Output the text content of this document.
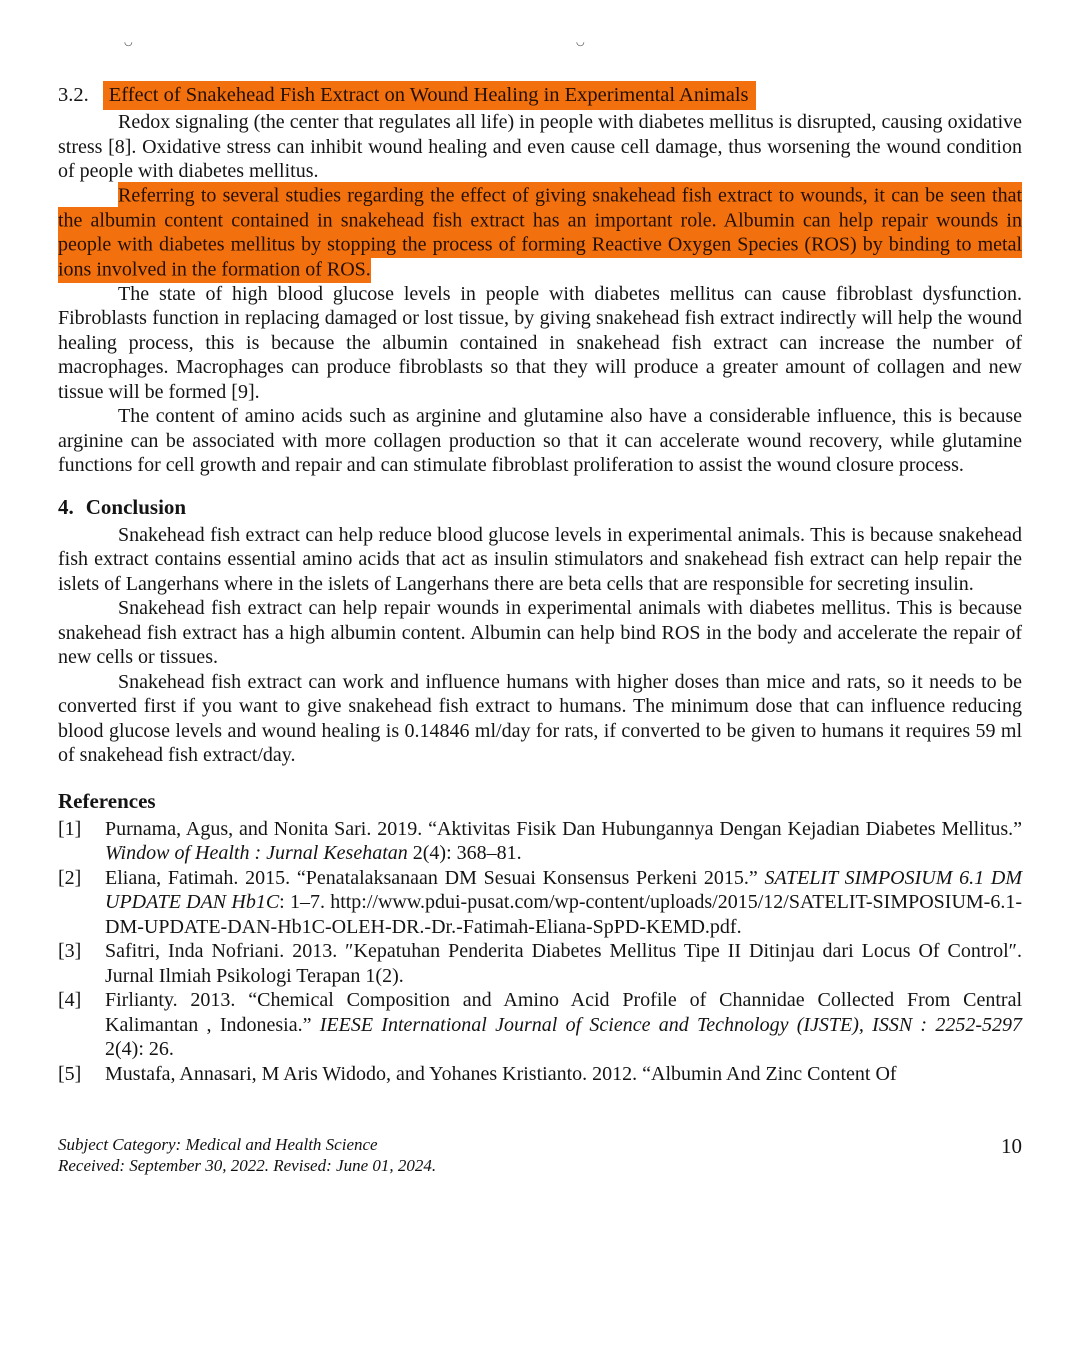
◡	◡
3.2. Effect of Snakehead Fish Extract on Wound Healing in Experimental Animals

Redox signaling (the center that regulates all life) in people with diabetes mellitus is disrupted, causing oxidative stress [8]. Oxidative stress can inhibit wound healing and even cause cell damage, thus worsening the wound condition of people with diabetes mellitus.

Referring to several studies regarding the effect of giving snakehead fish extract to wounds, it can be seen that the albumin content contained in snakehead fish extract has an important role. Albumin can help repair wounds in people with diabetes mellitus by stopping the process of forming Reactive Oxygen Species (ROS) by binding to metal ions involved in the formation of ROS.

The state of high blood glucose levels in people with diabetes mellitus can cause fibroblast dysfunction. Fibroblasts function in replacing damaged or lost tissue, by giving snakehead fish extract indirectly will help the wound healing process, this is because the albumin contained in snakehead fish extract can increase the number of macrophages. Macrophages can produce fibroblasts so that they will produce a greater amount of collagen and new tissue will be formed [9].

The content of amino acids such as arginine and glutamine also have a considerable influence, this is because arginine can be associated with more collagen production so that it can accelerate wound recovery, while glutamine functions for cell growth and repair and can stimulate fibroblast proliferation to assist the wound closure process.

4. Conclusion

Snakehead fish extract can help reduce blood glucose levels in experimental animals. This is because snakehead fish extract contains essential amino acids that act as insulin stimulators and snakehead fish extract can help repair the islets of Langerhans where in the islets of Langerhans there are beta cells that are responsible for secreting insulin.

Snakehead fish extract can help repair wounds in experimental animals with diabetes mellitus. This is because snakehead fish extract has a high albumin content. Albumin can help bind ROS in the body and accelerate the repair of new cells or tissues.

Snakehead fish extract can work and influence humans with higher doses than mice and rats, so it needs to be converted first if you want to give snakehead fish extract to humans. The minimum dose that can influence reducing blood glucose levels and wound healing is 0.14846 ml/day for rats, if converted to be given to humans it requires 59 ml of snakehead fish extract/day.

References
[1]	Purnama, Agus, and Nonita Sari. 2019. “Aktivitas Fisik Dan Hubungannya Dengan Kejadian Diabetes Mellitus.” Window of Health : Jurnal Kesehatan 2(4): 368–81.
[2]	Eliana, Fatimah. 2015. “Penatalaksanaan DM Sesuai Konsensus Perkeni 2015.” SATELIT SIMPOSIUM 6.1 DM UPDATE DAN Hb1C: 1–7. http://www.pdui-pusat.com/wp-content/uploads/2015/12/SATELIT-SIMPOSIUM-6.1-DM-UPDATE-DAN-Hb1C-OLEH-DR.-Dr.-Fatimah-Eliana-SpPD-KEMD.pdf.
[3]	Safitri, Inda Nofriani. 2013. ″Kepatuhan Penderita Diabetes Mellitus Tipe II Ditinjau dari Locus Of Control″. Jurnal Ilmiah Psikologi Terapan 1(2).
[4]	Firlianty. 2013. “Chemical Composition and Amino Acid Profile of Channidae Collected From Central Kalimantan , Indonesia.” IEESE International Journal of Science and Technology (IJSTE), ISSN : 2252-5297 2(4): 26.
[5]	Mustafa, Annasari, M Aris Widodo, and Yohanes Kristianto. 2012. “Albumin And Zinc Content Of
Subject Category: Medical and Health Science
Received: September 30, 2022. Revised: June 01, 2024.
10
